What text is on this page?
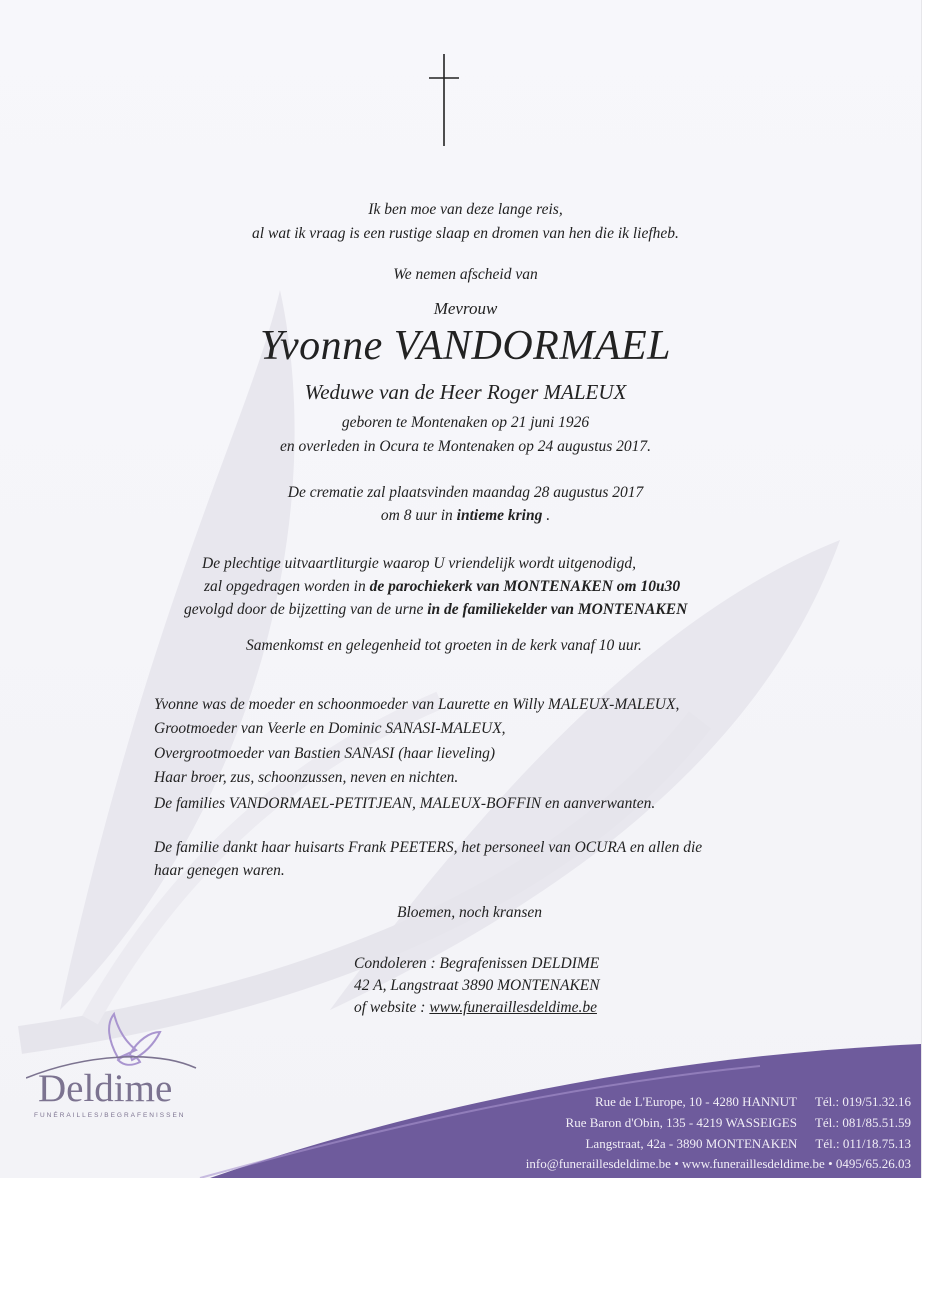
Ik ben moe van deze lange reis,
al wat ik vraag is een rustige slaap en dromen van hen die ik liefheb.
We nemen afscheid van
Mevrouw
Yvonne VANDORMAEL
Weduwe van de Heer Roger MALEUX
geboren te Montenaken op 21 juni 1926
en overleden in Ocura te Montenaken op 24 augustus 2017.
De crematie zal plaatsvinden maandag 28 augustus 2017
om 8 uur in intieme kring .
De plechtige uitvaartliturgie waarop U vriendelijk wordt uitgenodigd,
zal opgedragen worden in de parochiekerk van MONTENAKEN om 10u30
gevolgd door de bijzetting van de urne in de familiekelder van MONTENAKEN
Samenkomst en gelegenheid tot groeten in de kerk vanaf 10 uur.
Yvonne was de moeder en schoonmoeder van Laurette en Willy MALEUX-MALEUX,
Grootmoeder van Veerle en Dominic SANASI-MALEUX,
Overgrootmoeder van Bastien SANASI (haar lieveling)
Haar broer, zus, schoonzussen, neven en nichten.
De families VANDORMAEL-PETITJEAN, MALEUX-BOFFIN en aanverwanten.
De familie dankt haar huisarts Frank PEETERS, het personeel van OCURA en allen die
haar genegen waren.
Bloemen, noch kransen
Condoleren : Begrafenissen DELDIME
42 A, Langstraat 3890 MONTENAKEN
of website : www.funeraillesdeldime.be
Deldime
FUNÉRAILLES/BEGRAFENISSEN
Rue de L'Europe, 10 - 4280 HANNUT Tél.: 019/51.32.16
Rue Baron d'Obin, 135 - 4219 WASSEIGES Tél.: 081/85.51.59
Langstraat, 42a - 3890 MONTENAKEN Tél.: 011/18.75.13
info@funeraillesdeldime.be • www.funeraillesdeldime.be • 0495/65.26.03
